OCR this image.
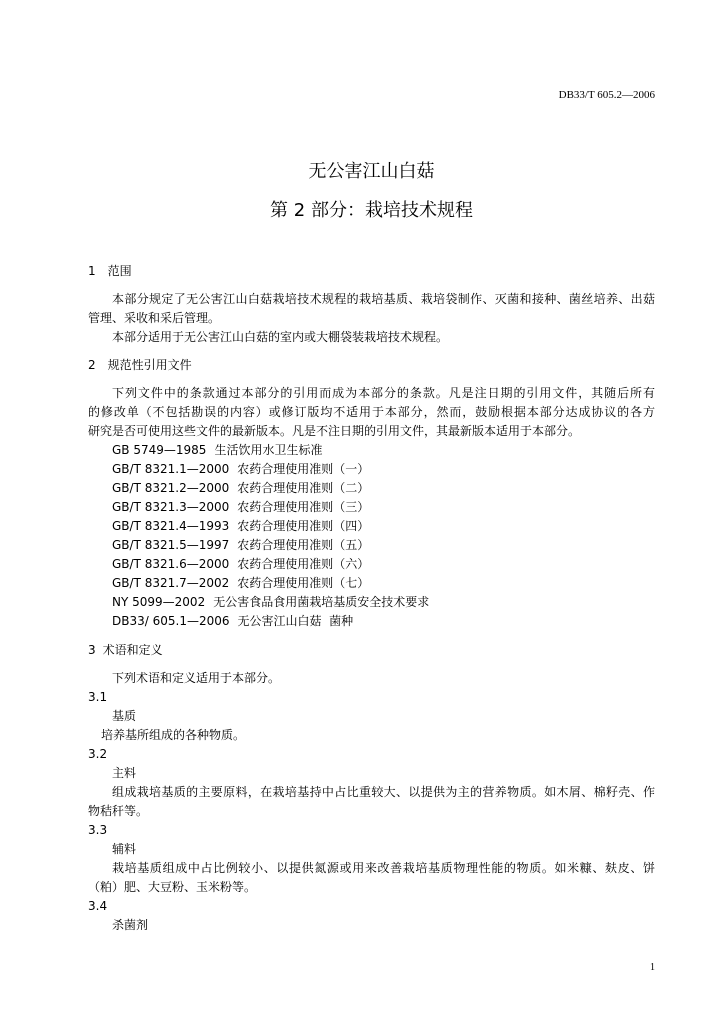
DB33/T 605.2—2006
无公害江山白菇
第 2 部分：栽培技术规程
1 范围
本部分规定了无公害江山白菇栽培技术规程的栽培基质、栽培袋制作、灭菌和接种、菌丝培养、出菇
管理、采收和采后管理。
本部分适用于无公害江山白菇的室内或大棚袋装栽培技术规程。
2 规范性引用文件
下列文件中的条款通过本部分的引用而成为本部分的条款。凡是注日期的引用文件，其随后所有
的修改单（不包括勘误的内容）或修订版均不适用于本部分，然而，鼓励根据本部分达成协议的各方
研究是否可使用这些文件的最新版本。凡是不注日期的引用文件，其最新版本适用于本部分。
GB 5749—1985 生活饮用水卫生标准
GB/T 8321.1—2000 农药合理使用准则（一）
GB/T 8321.2—2000 农药合理使用准则（二）
GB/T 8321.3—2000 农药合理使用准则（三）
GB/T 8321.4—1993 农药合理使用准则（四）
GB/T 8321.5—1997 农药合理使用准则（五）
GB/T 8321.6—2000 农药合理使用准则（六）
GB/T 8321.7—2002 农药合理使用准则（七）
NY 5099—2002 无公害食品食用菌栽培基质安全技术要求
DB33/ 605.1—2006 无公害江山白菇  菌种
3 术语和定义
下列术语和定义适用于本部分。
3.1
基质
培养基所组成的各种物质。
3.2
主料
组成栽培基质的主要原料，在栽培基持中占比重较大、以提供为主的营养物质。如木屑、棉籽壳、作
物秸秆等。
3.3
辅料
栽培基质组成中占比例较小、以提供氮源或用来改善栽培基质物理性能的物质。如米糠、麸皮、饼
（粕）肥、大豆粉、玉米粉等。
3.4
杀菌剂
1
